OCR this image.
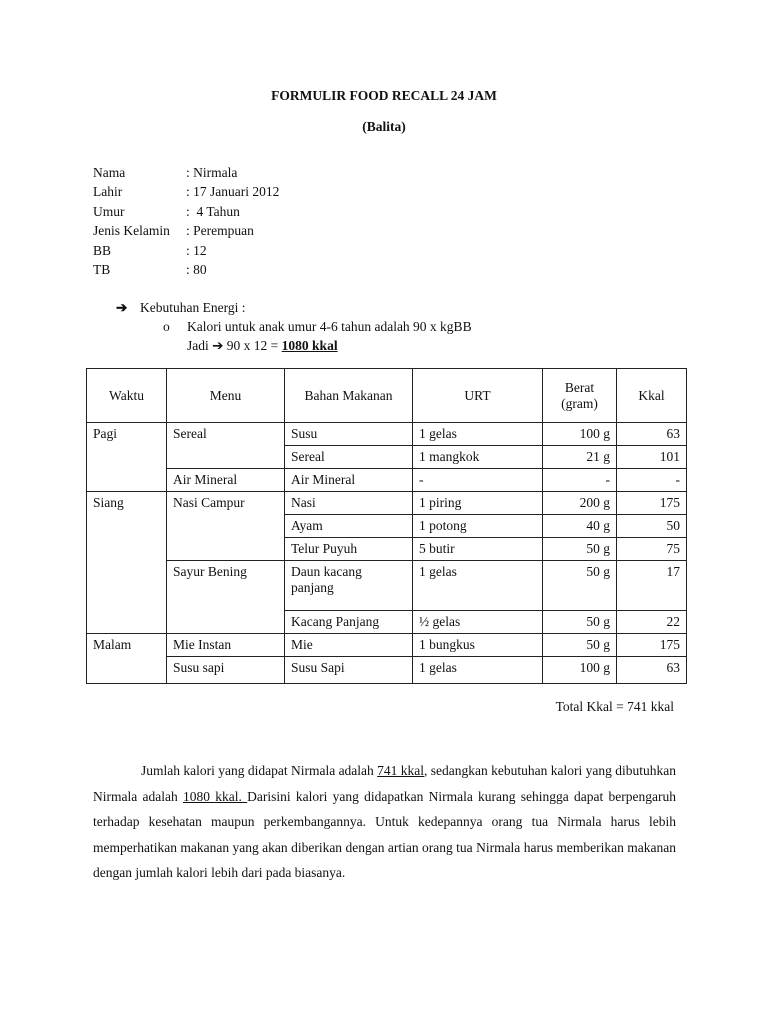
FORMULIR FOOD RECALL 24 JAM
(Balita)
Nama	: Nirmala
Lahir	: 17 Januari 2012
Umur	:  4 Tahun
Jenis Kelamin	: Perempuan
BB	: 12
TB	: 80
➔ Kebutuhan Energi :
o Kalori untuk anak umur 4-6 tahun adalah 90 x kgBB
Jadi ➔ 90 x 12 = 1080 kkal
Waktu	Menu	Bahan Makanan	URT	Berat (gram)	Kkal
Pagi	Sereal	Susu	1 gelas	100 g	63
		Sereal	1 mangkok	21 g	101
	Air Mineral	Air Mineral	-	-	-
Siang	Nasi Campur	Nasi	1 piring	200 g	175
		Ayam	1 potong	40 g	50
		Telur Puyuh	5 butir	50 g	75
	Sayur Bening	Daun kacang panjang	1 gelas	50 g	17
		Kacang Panjang	½ gelas	50 g	22
Malam	Mie Instan	Mie	1 bungkus	50 g	175
	Susu sapi	Susu Sapi	1 gelas	100 g	63
Total Kkal = 741 kkal
Jumlah kalori yang didapat Nirmala adalah 741 kkal, sedangkan kebutuhan kalori yang dibutuhkan Nirmala adalah 1080 kkal. Darisini kalori yang didapatkan Nirmala kurang sehingga dapat berpengaruh terhadap kesehatan maupun perkembangannya. Untuk kedepannya orang tua Nirmala harus lebih memperhatikan makanan yang akan diberikan dengan artian orang tua Nirmala harus memberikan makanan dengan jumlah kalori lebih dari pada biasanya.
